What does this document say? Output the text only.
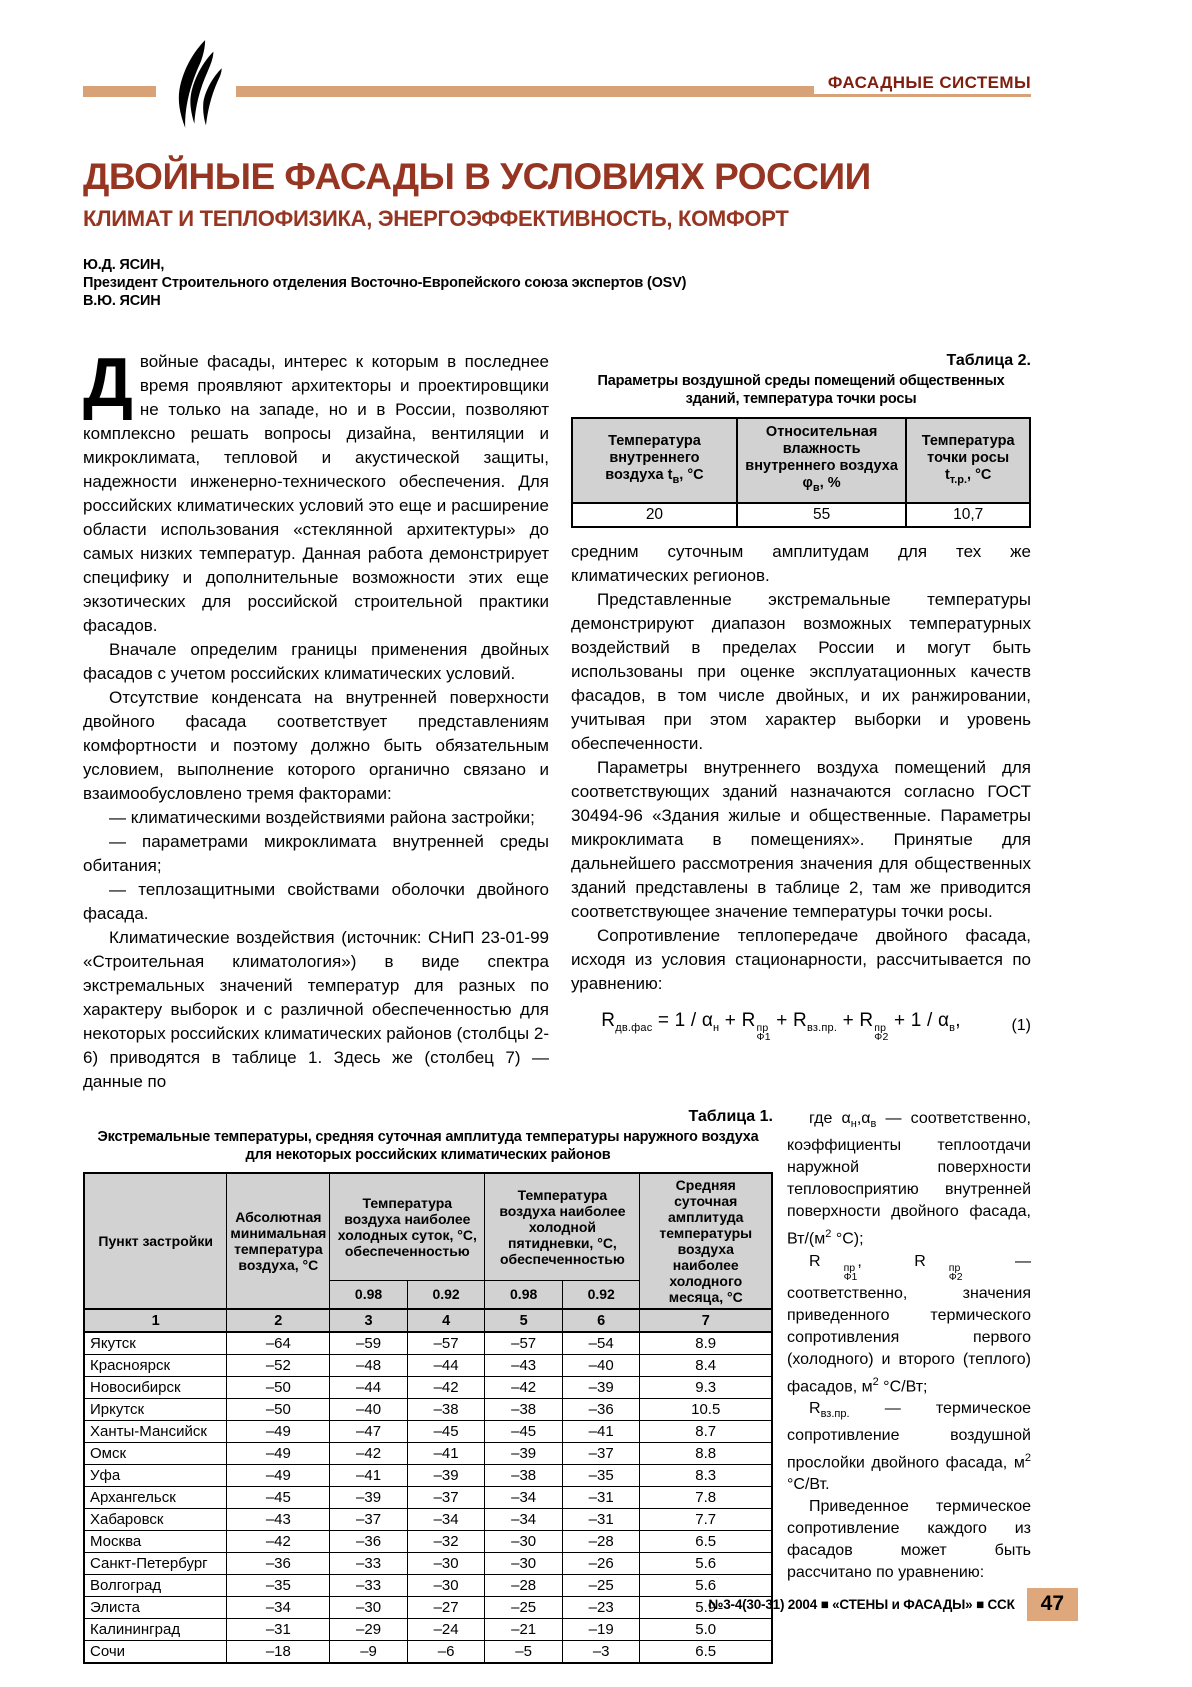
ФАСАДНЫЕ СИСТЕМЫ
ДВОЙНЫЕ ФАСАДЫ В УСЛОВИЯХ РОССИИ
КЛИМАТ И ТЕПЛОФИЗИКА, ЭНЕРГОЭФФЕКТИВНОСТЬ, КОМФОРТ
Ю.Д. ЯСИН,
Президент Строительного отделения Восточно-Европейского союза экспертов (OSV)
В.Ю. ЯСИН

Двойные фасады, интерес к которым в последнее время проявляют архитекторы и проектировщики не только на западе, но и в России, позволяют комплексно решать вопросы дизайна, вентиляции и микроклимата, тепловой и акустической защиты, надежности инженерно-технического обеспечения. Для российских климатических условий это еще и расширение области использования «стеклянной архитектуры» до самых низких температур. Данная работа демонстрирует специфику и дополнительные возможности этих еще экзотических для российской строительной практики фасадов.

Вначале определим границы применения двойных фасадов с учетом российских климатических условий.

Отсутствие конденсата на внутренней поверхности двойного фасада соответствует представлениям комфортности и поэтому должно быть обязательным условием, выполнение которого органично связано и взаимообусловлено тремя факторами:

— климатическими воздействиями района застройки;

— параметрами микроклимата внутренней среды обитания;

— теплозащитными свойствами оболочки двойного фасада.

Климатические воздействия (источник: СНиП 23-01-99 «Строительная климатология») в виде спектра экстремальных значений температур для разных по характеру выборок и с различной обеспеченностью для некоторых российских климатических районов (столбцы 2-6) приводятся в таблице 1. Здесь же (столбец 7) — данные по

Таблица 2.
Параметры воздушной среды помещений общественных зданий, температура точки росы
Температура внутреннего воздуха $t_в$, °С	Относительная влажность внутреннего воздуха $\varphi_в$, %	Температура точки росы $t_{т.р.}$, °С
20	55	10,7

средним суточным амплитудам для тех же климатических регионов.

Представленные экстремальные температуры демонстрируют диапазон возможных температурных воздействий в пределах России и могут быть использованы при оценке эксплуатационных качеств фасадов, в том числе двойных, и их ранжировании, учитывая при этом характер выборки и уровень обеспеченности.

Параметры внутреннего воздуха помещений для соответствующих зданий назначаются согласно ГОСТ 30494-96 «Здания жилые и общественные. Параметры микроклимата в помещениях». Принятые для дальнейшего рассмотрения значения для общественных зданий представлены в таблице 2, там же приводится соответствующее значение температуры точки росы.

Сопротивление теплопередаче двойного фасада, исходя из условия стационарности, рассчитывается по уравнению:

$R_{дв.фас} = 1 / \alpha_н + R$ пр
Ф1
+ $R_{вз.пр.} + R$ пр
Ф2
+ $1 / \alpha_в$,	(1)
Таблица 1.
Экстремальные температуры, средняя суточная амплитуда температуры наружного воздуха для некоторых российских климатических районов
Пункт застройки	Абсолютная минимальная температура воздуха, °С	Температура воздуха наиболее холодных суток, °С, обеспеченностью		Температура воздуха наиболее холодной пятидневки, °С, обеспеченностью		Средняя суточная амплитуда температуры воздуха наиболее холодного месяца, °С
		0.98	0.92	0.98	0.92	
1	2	3	4	5	6	7
Якутск	–64	–59	–57	–57	–54	8.9
Красноярск	–52	–48	–44	–43	–40	8.4
Новосибирск	–50	–44	–42	–42	–39	9.3
Иркутск	–50	–40	–38	–38	–36	10.5
Ханты-Мансийск	–49	–47	–45	–45	–41	8.7
Омск	–49	–42	–41	–39	–37	8.8
Уфа	–49	–41	–39	–38	–35	8.3
Архангельск	–45	–39	–37	–34	–31	7.8
Хабаровск	–43	–37	–34	–34	–31	7.7
Москва	–42	–36	–32	–30	–28	6.5
Санкт-Петербург	–36	–33	–30	–30	–26	5.6
Волгоград	–35	–33	–30	–28	–25	5.6
Элиста	–34	–30	–27	–25	–23	5.9
Калининград	–31	–29	–24	–21	–19	5.0
Сочи	–18	–9	–6	–5	–3	6.5

где $\alpha_н,\alpha_в$ — соответственно, коэффициенты теплоотдачи наружной поверхности тепловосприятию внутренней поверхности двойного фасада, $Вт/(м^2$ °С);

R	пр
Ф1
, R	пр
Ф2
— соответственно, значения приведенного термического сопротивления первого (холодного) и второго (теплого) фасадов, $м^2$ °С/Вт;

$R_{вз.пр.}$ — термическое сопротивление воздушной прослойки двойного фасада, $м^2$ °С/Вт.

Приведенное термическое сопротивление каждого из фасадов может быть рассчитано по уравнению:

№3-4(30-31) 2004 ■ «СТЕНЫ и ФАСАДЫ» ■ ССК	47
